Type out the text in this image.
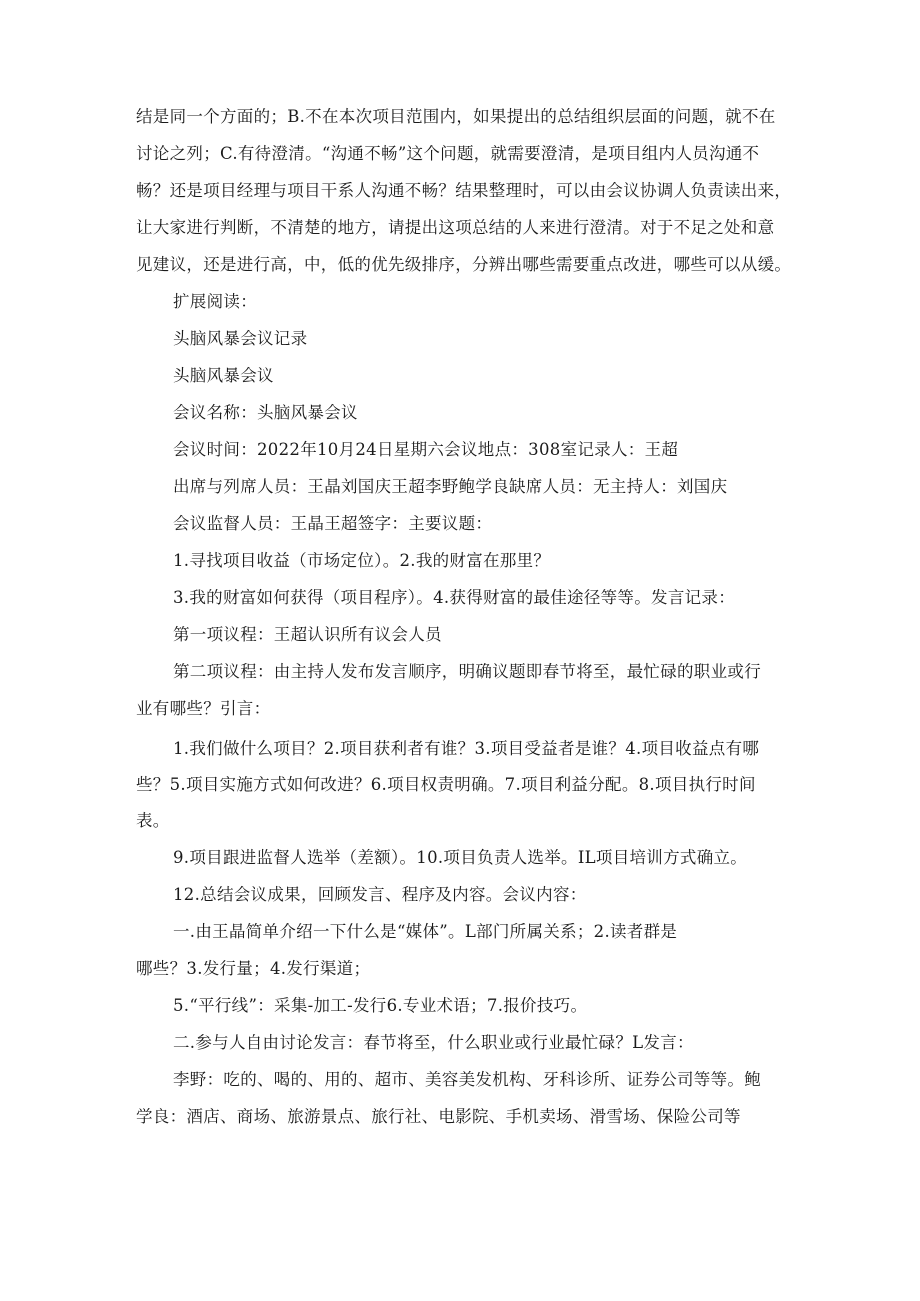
结是同一个方面的；B.不在本次项目范围内，如果提出的总结组织层面的问题，就不在

讨论之列；C.有待澄清。“沟通不畅”这个问题，就需要澄清，是项目组内人员沟通不

畅？还是项目经理与项目干系人沟通不畅？结果整理时，可以由会议协调人负责读出来，

让大家进行判断，不清楚的地方，请提出这项总结的人来进行澄清。对于不足之处和意

见建议，还是进行高，中，低的优先级排序，分辨出哪些需要重点改进，哪些可以从缓。

扩展阅读：

头脑风暴会议记录

头脑风暴会议

会议名称：头脑风暴会议

会议时间：2022年10月24日星期六会议地点：308室记录人：王超

出席与列席人员：王晶刘国庆王超李野鲍学良缺席人员：无主持人：刘国庆

会议监督人员：王晶王超签字：主要议题：

1.寻找项目收益（市场定位）。2.我的财富在那里？

3.我的财富如何获得（项目程序）。4.获得财富的最佳途径等等。发言记录：

第一项议程：王超认识所有议会人员

第二项议程：由主持人发布发言顺序，明确议题即春节将至，最忙碌的职业或行

业有哪些？引言：

1.我们做什么项目？2.项目获利者有谁？3.项目受益者是谁？4.项目收益点有哪

些？5.项目实施方式如何改进？6.项目权责明确。7.项目利益分配。8.项目执行时间

表。

9.项目跟进监督人选举（差额）。10.项目负责人选举。IL项目培训方式确立。

12.总结会议成果，回顾发言、程序及内容。会议内容：

一.由王晶简单介绍一下什么是“媒体”。L部门所属关系；2.读者群是

哪些？3.发行量；4.发行渠道；

5.“平行线”：采集-加工-发行6.专业术语；7.报价技巧。

二.参与人自由讨论发言：春节将至，什么职业或行业最忙碌？L发言：

李野：吃的、喝的、用的、超市、美容美发机构、牙科诊所、证券公司等等。鲍

学良：酒店、商场、旅游景点、旅行社、电影院、手机卖场、滑雪场、保险公司等
